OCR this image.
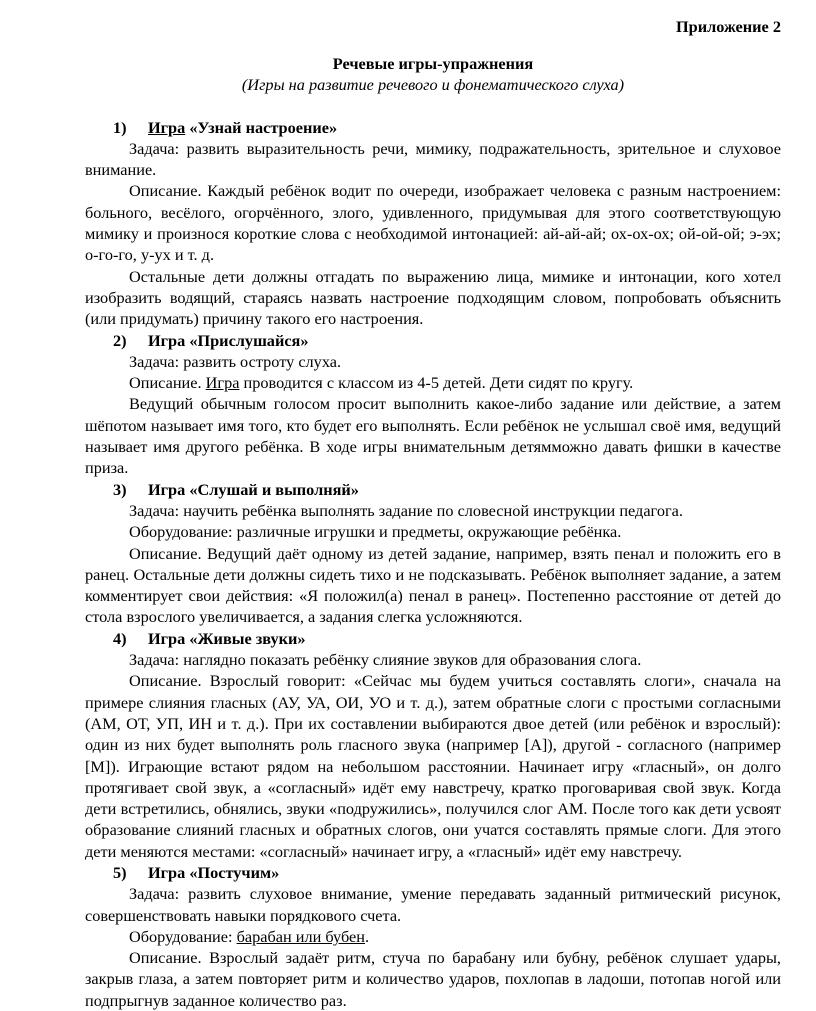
Приложение 2

Речевые игры-упражнения

(Игры на развитие речевого и фонематического слуха)

1) Игра «Узнай настроение»

Задача: развить выразительность речи, мимику, подражательность, зрительное и слуховое внимание.

Описание. Каждый ребёнок водит по очереди, изображает человека с разным настроением: больного, весёлого, огорчённого, злого, удивленного, придумывая для этого соответствующую мимику и произнося короткие слова с необходимой интонацией: ай-ай-ай; ох-ох-ох; ой-ой-ой; э-эх; о-го-го, у-ух и т. д.

Остальные дети должны отгадать по выражению лица, мимике и интонации, кого хотел изобразить водящий, стараясь назвать настроение подходящим словом, попробовать объяснить (или придумать) причину такого его настроения.

2) Игра «Прислушайся»

Задача: развить остроту слуха.

Описание. Игра проводится с классом из 4-5 детей. Дети сидят по кругу.

Ведущий обычным голосом просит выполнить какое-либо задание или действие, а затем шёпотом называет имя того, кто будет его выполнять. Если ребёнок не услышал своё имя, ведущий называет имя другого ребёнка. В ходе игры внимательным детямможно давать фишки в качестве приза.

3) Игра «Слушай и выполняй»

Задача: научить ребёнка выполнять задание по словесной инструкции педагога.

Оборудование: различные игрушки и предметы, окружающие ребёнка.

Описание. Ведущий даёт одному из детей задание, например, взять пенал и положить его в ранец. Остальные дети должны сидеть тихо и не подсказывать. Ребёнок выполняет задание, а затем комментирует свои действия: «Я положил(а) пенал в ранец». Постепенно расстояние от детей до стола взрослого увеличивается, а задания слегка усложняются.

4) Игра «Живые звуки»

Задача: наглядно показать ребёнку слияние звуков для образования слога.

Описание. Взрослый говорит: «Сейчас мы будем учиться составлять слоги», сначала на примере слияния гласных (АУ, УА, ОИ, УО и т. д.), затем обратные слоги с простыми согласными (АМ, ОТ, УП, ИН и т. д.). При их составлении выбираются двое детей (или ребёнок и взрослый): один из них будет выполнять роль гласного звука (например [А]), другой - согласного (например [М]). Играющие встают рядом на небольшом расстоянии. Начинает игру «гласный», он долго протягивает свой звук, а «согласный» идёт ему навстречу, кратко проговаривая свой звук. Когда дети встретились, обнялись, звуки «подружились», получился слог АМ. После того как дети усвоят образование слияний гласных и обратных слогов, они учатся составлять прямые слоги. Для этого дети меняются местами: «согласный» начинает игру, а «гласный» идёт ему навстречу.

5) Игра «Постучим»

Задача: развить слуховое внимание, умение передавать заданный ритмический рисунок, совершенствовать навыки порядкового счета.

Оборудование: барабан или бубен.

Описание. Взрослый задаёт ритм, стуча по барабану или бубну, ребёнок слушает удары, закрыв глаза, а затем повторяет ритм и количество ударов, похлопав в ладоши, потопав ногой или подпрыгнув заданное количество раз.
